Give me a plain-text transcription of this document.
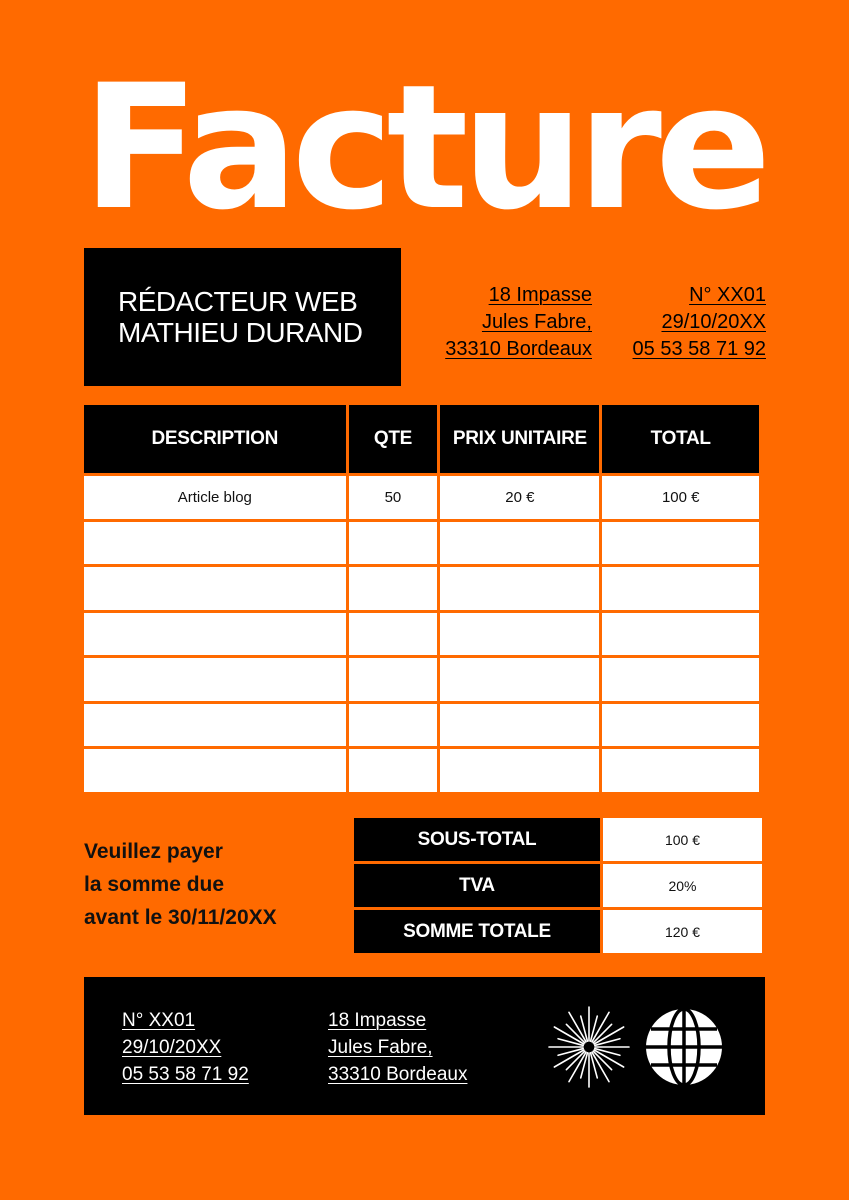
Facture
RÉDACTEUR WEB
MATHIEU DURAND
18 Impasse
Jules Fabre,
33310 Bordeaux
N° XX01
29/10/20XX
05 53 58 71 92
DESCRIPTION	QTE	PRIX UNITAIRE	TOTAL
Article blog	50	20 €	100 €

Veuillez payer
la somme due
avant le 30/11/20XX
SOUS-TOTAL	100 €
TVA	20%
SOMME TOTALE	120 €
N° XX01
29/10/20XX
05 53 58 71 92
18 Impasse
Jules Fabre,
33310 Bordeaux
